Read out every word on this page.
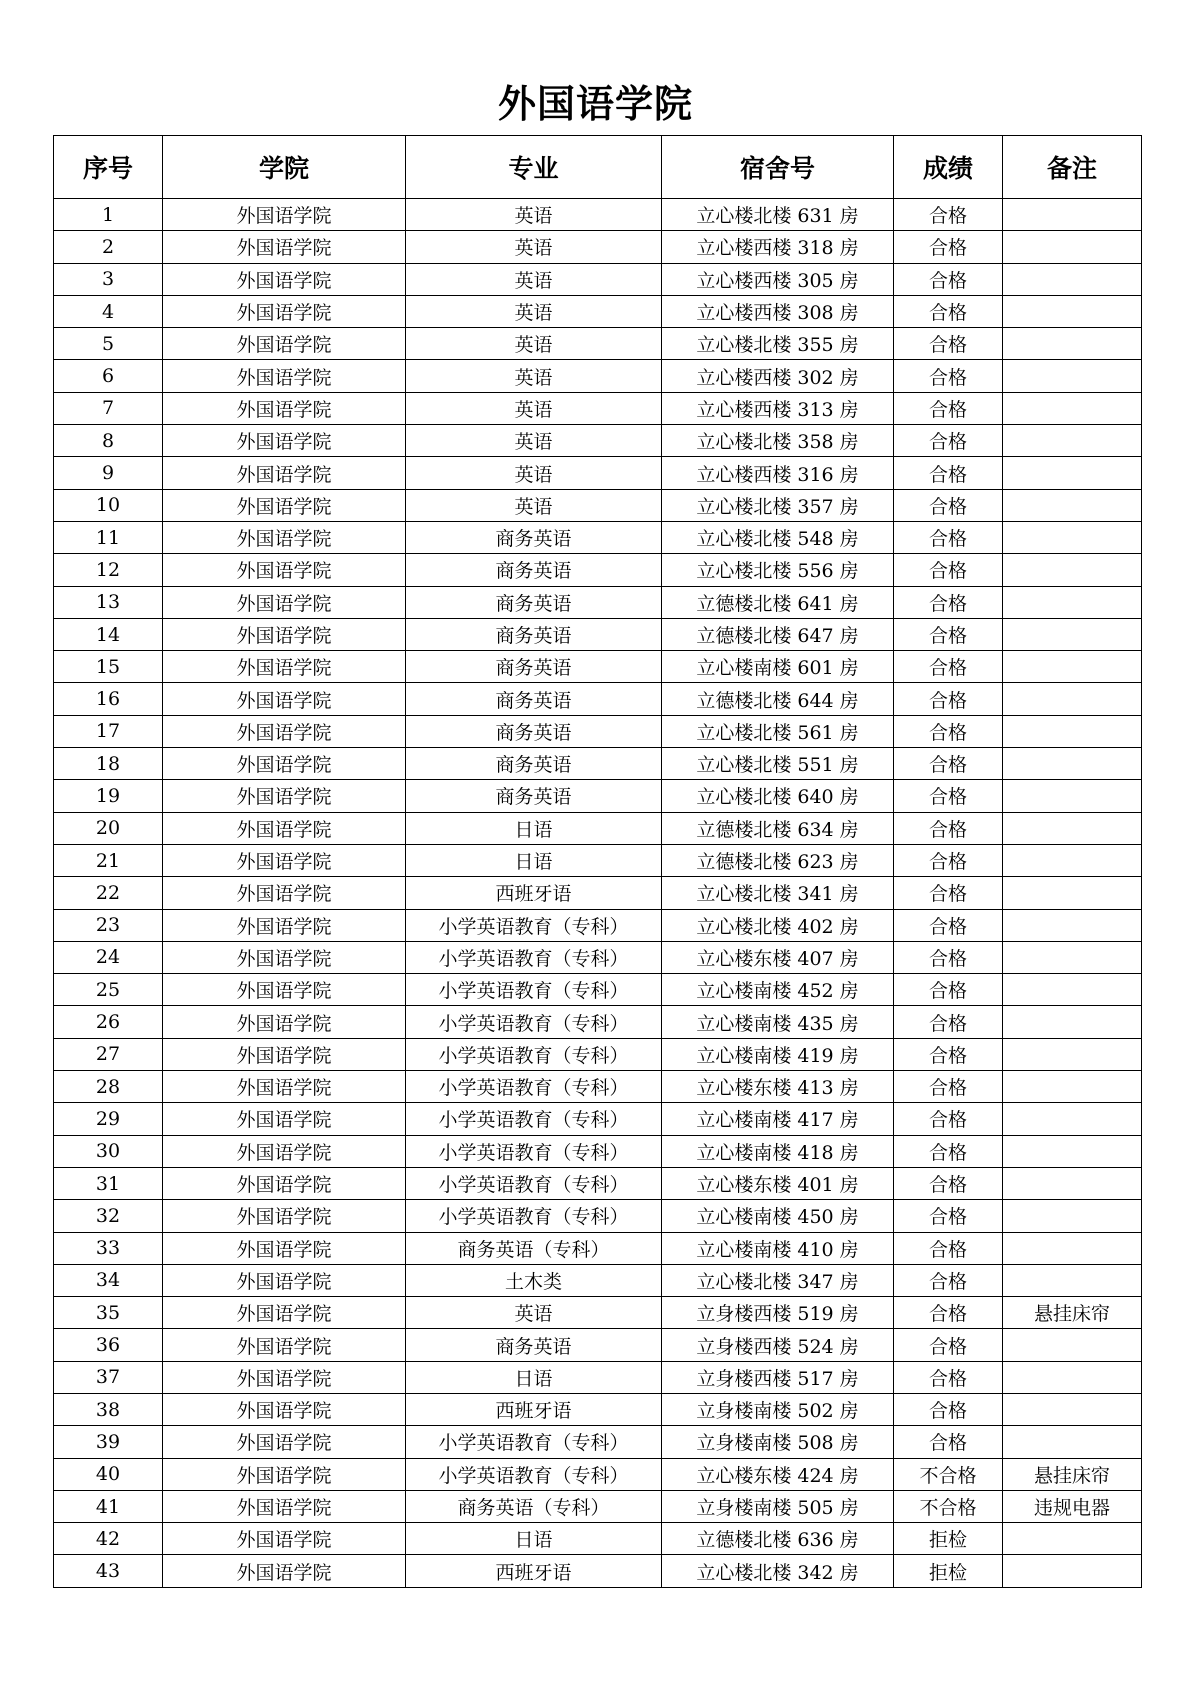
外国语学院
序号	学院	专业	宿舍号	成绩	备注
1	外国语学院	英语	立心楼北楼 631 房	合格	
2	外国语学院	英语	立心楼西楼 318 房	合格	
3	外国语学院	英语	立心楼西楼 305 房	合格	
4	外国语学院	英语	立心楼西楼 308 房	合格	
5	外国语学院	英语	立心楼北楼 355 房	合格	
6	外国语学院	英语	立心楼西楼 302 房	合格	
7	外国语学院	英语	立心楼西楼 313 房	合格	
8	外国语学院	英语	立心楼北楼 358 房	合格	
9	外国语学院	英语	立心楼西楼 316 房	合格	
10	外国语学院	英语	立心楼北楼 357 房	合格	
11	外国语学院	商务英语	立心楼北楼 548 房	合格	
12	外国语学院	商务英语	立心楼北楼 556 房	合格	
13	外国语学院	商务英语	立德楼北楼 641 房	合格	
14	外国语学院	商务英语	立德楼北楼 647 房	合格	
15	外国语学院	商务英语	立心楼南楼 601 房	合格	
16	外国语学院	商务英语	立德楼北楼 644 房	合格	
17	外国语学院	商务英语	立心楼北楼 561 房	合格	
18	外国语学院	商务英语	立心楼北楼 551 房	合格	
19	外国语学院	商务英语	立心楼北楼 640 房	合格	
20	外国语学院	日语	立德楼北楼 634 房	合格	
21	外国语学院	日语	立德楼北楼 623 房	合格	
22	外国语学院	西班牙语	立心楼北楼 341 房	合格	
23	外国语学院	小学英语教育（专科）	立心楼北楼 402 房	合格	
24	外国语学院	小学英语教育（专科）	立心楼东楼 407 房	合格	
25	外国语学院	小学英语教育（专科）	立心楼南楼 452 房	合格	
26	外国语学院	小学英语教育（专科）	立心楼南楼 435 房	合格	
27	外国语学院	小学英语教育（专科）	立心楼南楼 419 房	合格	
28	外国语学院	小学英语教育（专科）	立心楼东楼 413 房	合格	
29	外国语学院	小学英语教育（专科）	立心楼南楼 417 房	合格	
30	外国语学院	小学英语教育（专科）	立心楼南楼 418 房	合格	
31	外国语学院	小学英语教育（专科）	立心楼东楼 401 房	合格	
32	外国语学院	小学英语教育（专科）	立心楼南楼 450 房	合格	
33	外国语学院	商务英语（专科）	立心楼南楼 410 房	合格	
34	外国语学院	土木类	立心楼北楼 347 房	合格	
35	外国语学院	英语	立身楼西楼 519 房	合格	悬挂床帘
36	外国语学院	商务英语	立身楼西楼 524 房	合格	
37	外国语学院	日语	立身楼西楼 517 房	合格	
38	外国语学院	西班牙语	立身楼南楼 502 房	合格	
39	外国语学院	小学英语教育（专科）	立身楼南楼 508 房	合格	
40	外国语学院	小学英语教育（专科）	立心楼东楼 424 房	不合格	悬挂床帘
41	外国语学院	商务英语（专科）	立身楼南楼 505 房	不合格	违规电器
42	外国语学院	日语	立德楼北楼 636 房	拒检	
43	外国语学院	西班牙语	立心楼北楼 342 房	拒检	
